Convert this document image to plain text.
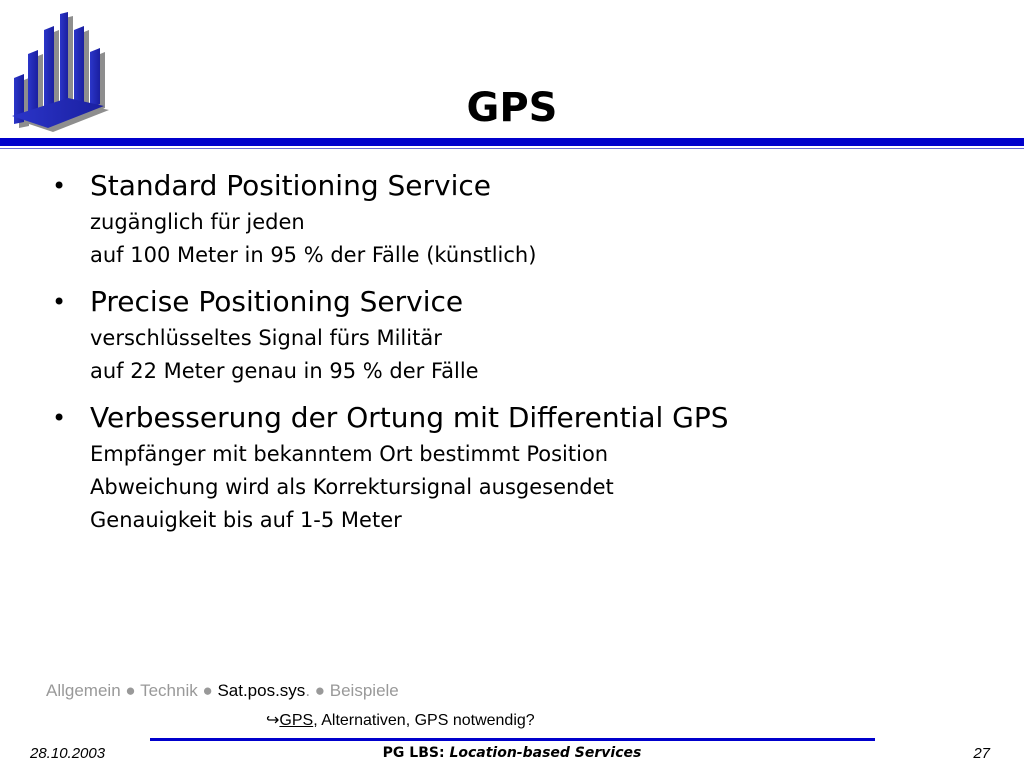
GPS
• Standard Positioning Service
zugänglich für jeden
auf 100 Meter in 95 % der Fälle (künstlich)
• Precise Positioning Service
verschlüsseltes Signal fürs Militär
auf 22 Meter genau in 95 % der Fälle
• Verbesserung der Ortung mit Differential GPS
Empfänger mit bekanntem Ort bestimmt Position
Abweichung wird als Korrektursignal ausgesendet
Genauigkeit bis auf 1-5 Meter
Allgemein ● Technik ● Sat.pos.sys. ● Beispiele
↪GPS, Alternativen, GPS notwendig?
28.10.2003	PG LBS: Location-based Services	27
